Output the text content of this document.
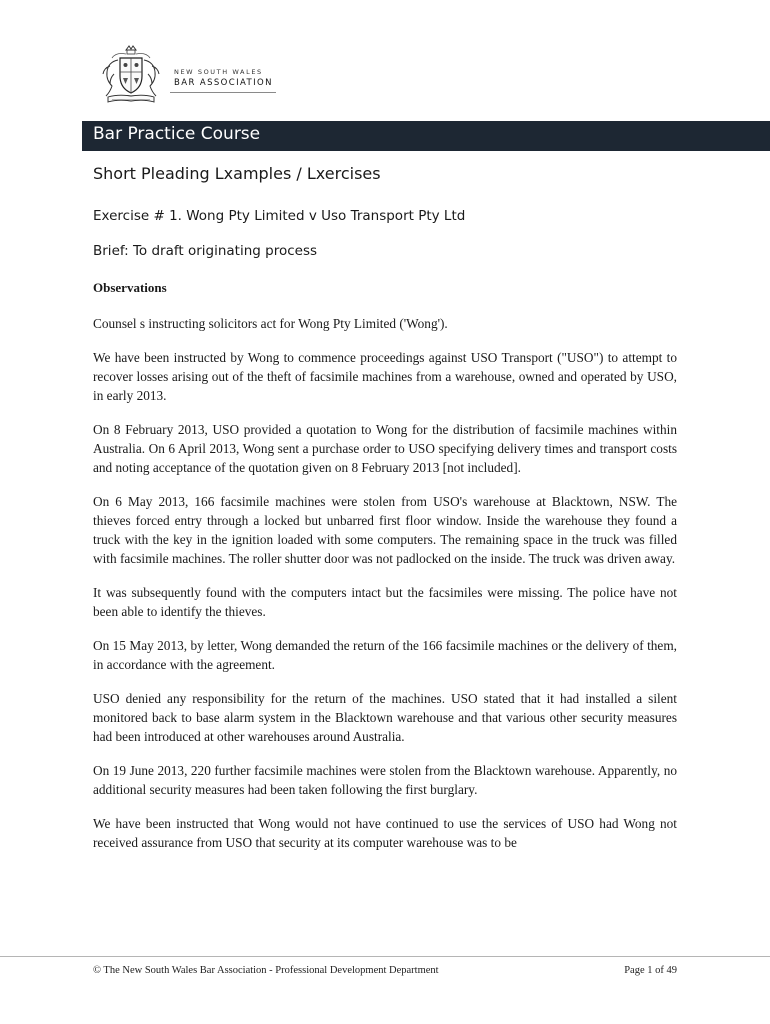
NEW SOUTH WALES
BAR ASSOCIATION
Bar Practice Course
Short Pleading Lxamples / Lxercises
Exercise # 1. Wong Pty Limited v Uso Transport Pty Ltd
Brief: To draft originating process
Observations

Counsel s instructing solicitors act for Wong Pty Limited ('Wong').

We have been instructed by Wong to commence proceedings against USO Transport ("USO") to attempt to recover losses arising out of the theft of facsimile machines from a warehouse, owned and operated by USO, in early 2013.

On 8 February 2013, USO provided a quotation to Wong for the distribution of facsimile machines within Australia. On 6 April 2013, Wong sent a purchase order to USO specifying delivery times and transport costs and noting acceptance of the quotation given on 8 February 2013 [not included].

On 6 May 2013, 166 facsimile machines were stolen from USO's warehouse at Blacktown, NSW. The thieves forced entry through a locked but unbarred first floor window. Inside the warehouse they found a truck with the key in the ignition loaded with some computers. The remaining space in the truck was filled with facsimile machines. The roller shutter door was not padlocked on the inside. The truck was driven away.

It was subsequently found with the computers intact but the facsimiles were missing. The police have not been able to identify the thieves.

On 15 May 2013, by letter, Wong demanded the return of the 166 facsimile machines or the delivery of them, in accordance with the agreement.

USO denied any responsibility for the return of the machines. USO stated that it had installed a silent monitored back to base alarm system in the Blacktown warehouse and that various other security measures had been introduced at other warehouses around Australia.

On 19 June 2013, 220 further facsimile machines were stolen from the Blacktown warehouse. Apparently, no additional security measures had been taken following the first burglary.

We have been instructed that Wong would not have continued to use the services of USO had Wong not received assurance from USO that security at its computer warehouse was to be

© The New South Wales Bar Association - Professional Development Department	Page 1 of 49
